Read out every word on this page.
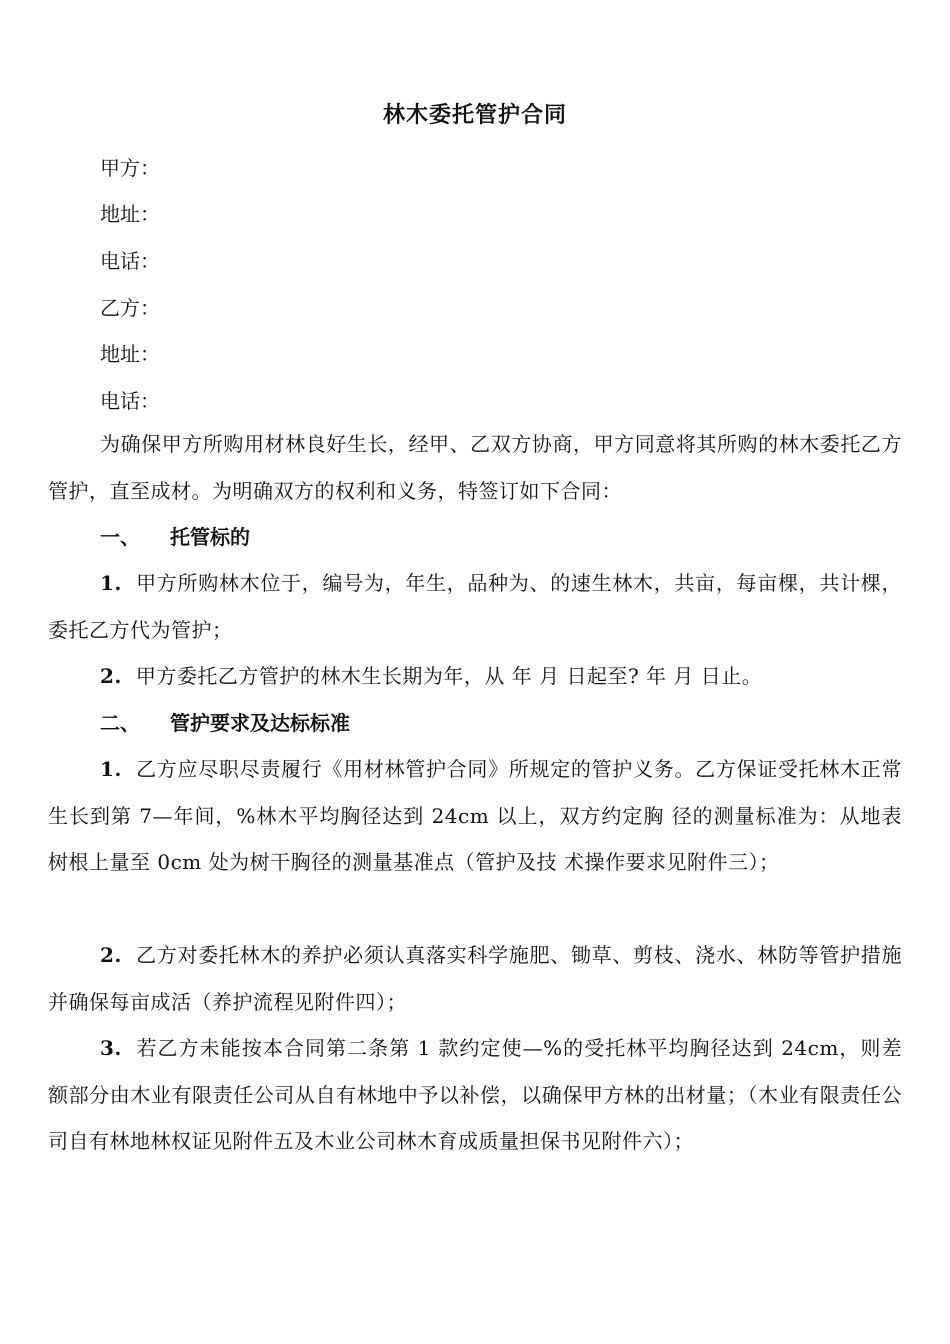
林木委托管护合同
甲方：
地址：
电话：
乙方：
地址：
电话：
为确保甲方所购用材林良好生长，经甲、乙双方协商，甲方同意将其所购的林木委托乙方管护，直至成材。为明确双方的权利和义务，特签订如下合同：
一、 托管标的
1. 甲方所购林木位于，编号为，年生，品种为、的速生林木，共亩，每亩棵，共计棵，委托乙方代为管护；
2. 甲方委托乙方管护的林木生长期为年，从 年 月 日起至? 年 月 日止。
二、 管护要求及达标标准
1. 乙方应尽职尽责履行《用材林管护合同》所规定的管护义务。乙方保证受托林木正常生长到第 7—年间，%林木平均胸径达到 24cm 以上，双方约定胸 径的测量标准为：从地表树根上量至 0cm 处为树干胸径的测量基准点（管护及技 术操作要求见附件三）；
2. 乙方对委托林木的养护必须认真落实科学施肥、锄草、剪枝、浇水、林防等管护措施并确保每亩成活（养护流程见附件四）；
3. 若乙方未能按本合同第二条第 1 款约定使—%的受托林平均胸径达到 24cm，则差额部分由木业有限责任公司从自有林地中予以补偿，以确保甲方林的出材量；（木业有限责任公司自有林地林权证见附件五及木业公司林木育成质量担保书见附件六）；
